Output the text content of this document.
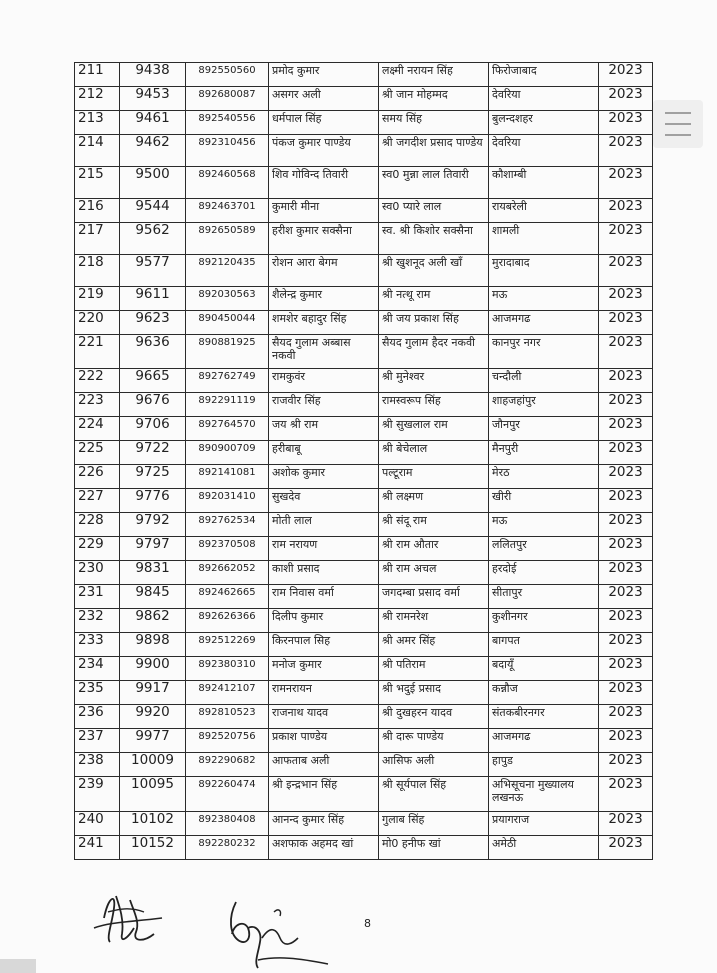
211	9438	892550560	प्रमोद कुमार	लक्ष्मी नरायन सिंह	फिरोजाबाद	2023
212	9453	892680087	असगर अली	श्री जान मोहम्मद	देवरिया	2023
213	9461	892540556	धर्मपाल सिंह	समय सिंह	बुलन्दशहर	2023
214	9462	892310456	पंकज कुमार पाण्डेय	श्री जगदीश प्रसाद पाण्डेय	देवरिया	2023
215	9500	892460568	शिव गोविन्द तिवारी	स्व0 मुन्ना लाल तिवारी	कौशाम्बी	2023
216	9544	892463701	कुमारी मीना	स्व0 प्यारे लाल	रायबरेली	2023
217	9562	892650589	हरीश कुमार सक्सैना	स्व. श्री किशोर सक्सैना	शामली	2023
218	9577	892120435	रोशन आरा बेगम	श्री खुशनूद अली खाँ	मुरादाबाद	2023
219	9611	892030563	शैलेन्द्र कुमार	श्री नत्थू राम	मऊ	2023
220	9623	890450044	शमशेर बहादुर सिंह	श्री जय प्रकाश सिंह	आजमगढ	2023
221	9636	890881925	सैयद गुलाम अब्बास नकवी	सैयद गुलाम हैदर नकवी	कानपुर नगर	2023
222	9665	892762749	रामकुवंर	श्री मुनेश्वर	चन्दौली	2023
223	9676	892291119	राजवीर सिंह	रामस्वरूप सिंह	शाहजहांपुर	2023
224	9706	892764570	जय श्री राम	श्री सुखलाल राम	जौनपुर	2023
225	9722	890900709	हरीबाबू	श्री बेचेलाल	मैनपुरी	2023
226	9725	892141081	अशोक कुमार	पल्टूराम	मेरठ	2023
227	9776	892031410	सुखदेव	श्री लक्ष्मण	खीरी	2023
228	9792	892762534	मोती लाल	श्री संदू राम	मऊ	2023
229	9797	892370508	राम नरायण	श्री राम औतार	ललितपुर	2023
230	9831	892662052	काशी प्रसाद	श्री राम अचल	हरदोई	2023
231	9845	892462665	राम निवास वर्मा	जगदम्बा प्रसाद वर्मा	सीतापुर	2023
232	9862	892626366	दिलीप कुमार	श्री रामनरेश	कुशीनगर	2023
233	9898	892512269	किरनपाल सिह	श्री अमर सिंह	बागपत	2023
234	9900	892380310	मनोज कुमार	श्री पतिराम	बदायूँ	2023
235	9917	892412107	रामनरायन	श्री भदुई प्रसाद	कन्नौज	2023
236	9920	892810523	राजनाथ यादव	श्री दुखहरन यादव	संतकबीरनगर	2023
237	9977	892520756	प्रकाश पाण्डेय	श्री दारू पाण्डेय	आजमगढ	2023
238	10009	892290682	आफताब अली	आसिफ अली	हापुड	2023
239	10095	892260474	श्री इन्द्रभान सिंह	श्री सूर्यपाल सिंह	अभिसूचना मुख्यालय लखनऊ	2023
240	10102	892380408	आनन्द कुमार सिंह	गुलाब सिंह	प्रयागराज	2023
241	10152	892280232	अशफाक अहमद खां	मो0 हनीफ खां	अमेठी	2023
8
